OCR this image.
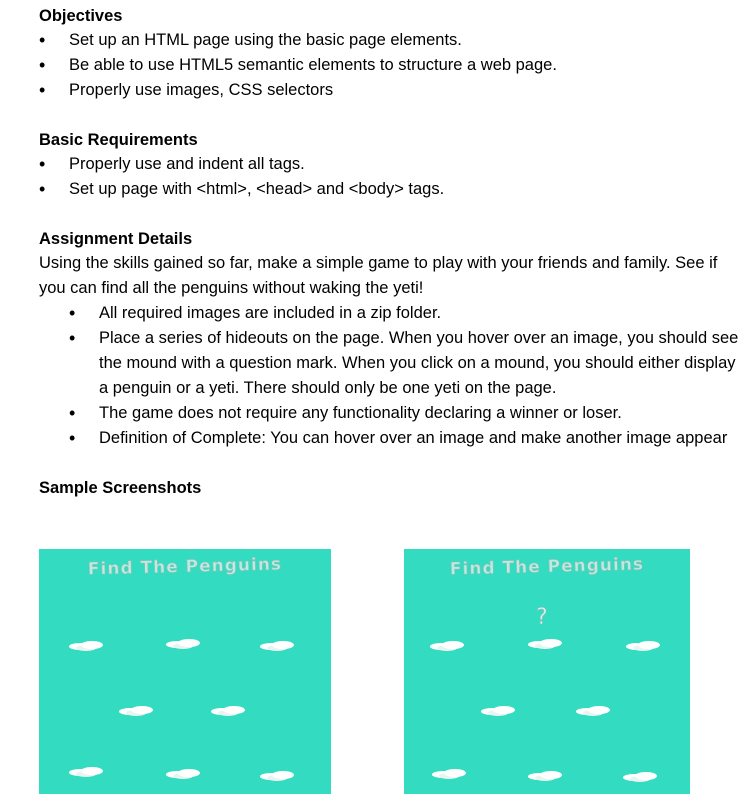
Objectives
• Set up an HTML page using the basic page elements.
• Be able to use HTML5 semantic elements to structure a web page.
• Properly use images, CSS selectors
Basic Requirements
• Properly use and indent all tags.
• Set up page with <html>, <head> and <body> tags.
Assignment Details

Using the skills gained so far, make a simple game to play with your friends and family. See if you can find all the penguins without waking the yeti!

• All required images are included in a zip folder.
• Place a series of hideouts on the page. When you hover over an image, you should see the mound with a question mark. When you click on a mound, you should either display a penguin or a yeti. There should only be one yeti on the page.
• The game does not require any functionality declaring a winner or loser.
• Definition of Complete: You can hover over an image and make another image appear
Sample Screenshots
Find The Penguins	Find The Penguins
?
